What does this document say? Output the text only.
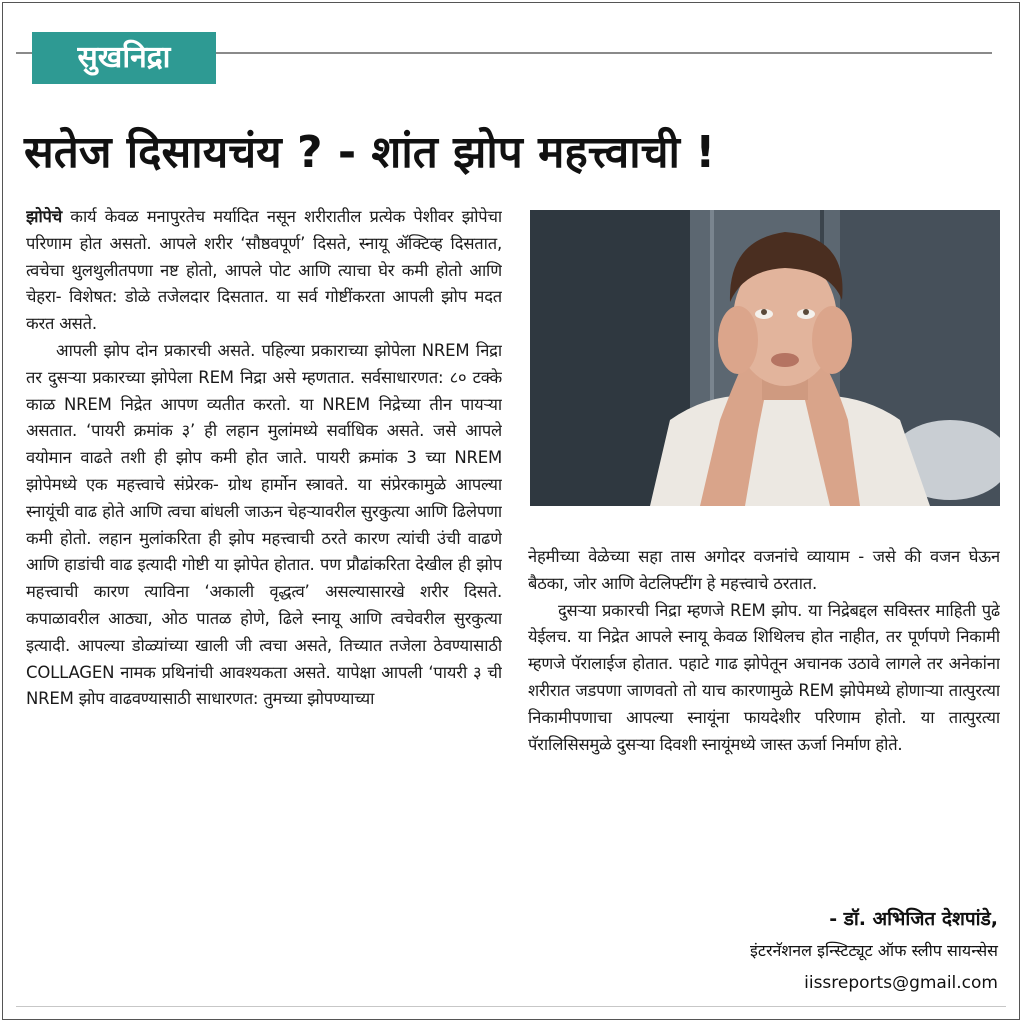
सुखनिद्रा
सतेज दिसायचंय ? - शांत झोप महत्त्वाची !

झोपेचे कार्य केवळ मनापुरतेच मर्यादित नसून शरीरातील प्रत्येक पेशीवर झोपेचा परिणाम होत असतो. आपले शरीर ‘सौष्ठवपूर्ण’ दिसते, स्नायू ॲक्टिव्ह दिसतात, त्वचेचा थुलथुलीतपणा नष्ट होतो, आपले पोट आणि त्याचा घेर कमी होतो आणि चेहरा- विशेषत: डोळे तजेलदार दिसतात. या सर्व गोष्टींकरता आपली झोप मदत करत असते.

आपली झोप दोन प्रकारची असते. पहिल्या प्रकाराच्या झोपेला NREM निद्रा तर दुसऱ्या प्रकारच्या झोपेला REM निद्रा असे म्हणतात. सर्वसाधारणत: ८० टक्के काळ NREM निद्रेत आपण व्यतीत करतो. या NREM निद्रेच्या तीन पायऱ्या असतात. ‘पायरी क्रमांक ३’ ही लहान मुलांमध्ये सर्वाधिक असते. जसे आपले वयोमान वाढते तशी ही झोप कमी होत जाते. पायरी क्रमांक 3 च्या NREM झोपेमध्ये एक महत्त्वाचे संप्रेरक- ग्रोथ हार्मोन स्त्रावते. या संप्रेरकामुळे आपल्या स्नायूंची वाढ होते आणि त्वचा बांधली जाऊन चेहऱ्यावरील सुरकुत्या आणि ढिलेपणा कमी होतो. लहान मुलांकरिता ही झोप महत्त्वाची ठरते कारण त्यांची उंची वाढणे आणि हाडांची वाढ इत्यादी गोष्टी या झोपेत होतात. पण प्रौढांकरिता देखील ही झोप महत्त्वाची कारण त्याविना ‘अकाली वृद्धत्व’ असल्यासारखे शरीर दिसते. कपाळावरील आठ्या, ओठ पातळ होणे, ढिले स्नायू आणि त्वचेवरील सुरकुत्या इत्यादी. आपल्या डोळ्यांच्या खाली जी त्वचा असते, तिच्यात तजेला ठेवण्यासाठी COLLAGEN नामक प्रथिनांची आवश्यकता असते. यापेक्षा आपली ‘पायरी ३ ची NREM झोप वाढवण्यासाठी साधारणत: तुमच्या झोपण्याच्या

नेहमीच्या वेळेच्या सहा तास अगोदर वजनांचे व्यायाम - जसे की वजन घेऊन बैठका, जोर आणि वेटलिफ्टींग हे महत्त्वाचे ठरतात.

दुसऱ्या प्रकारची निद्रा म्हणजे REM झोप. या निद्रेबद्दल सविस्तर माहिती पुढे येईलच. या निद्रेत आपले स्नायू केवळ शिथिलच होत नाहीत, तर पूर्णपणे निकामी म्हणजे पॅरालाईज होतात. पहाटे गाढ झोपेतून अचानक उठावे लागले तर अनेकांना शरीरात जडपणा जाणवतो तो याच कारणामुळे REM झोपेमध्ये होणाऱ्या तात्पुरत्या निकामीपणाचा आपल्या स्नायूंना फायदेशीर परिणाम होतो. या तात्पुरत्या पॅरालिसिसमुळे दुसऱ्या दिवशी स्नायूंमध्ये जास्त ऊर्जा निर्माण होते.

- डॉ. अभिजित देशपांडे,
इंटरनॅशनल इन्स्टिट्यूट ऑफ स्लीप सायन्सेस
iissreports@gmail.com
